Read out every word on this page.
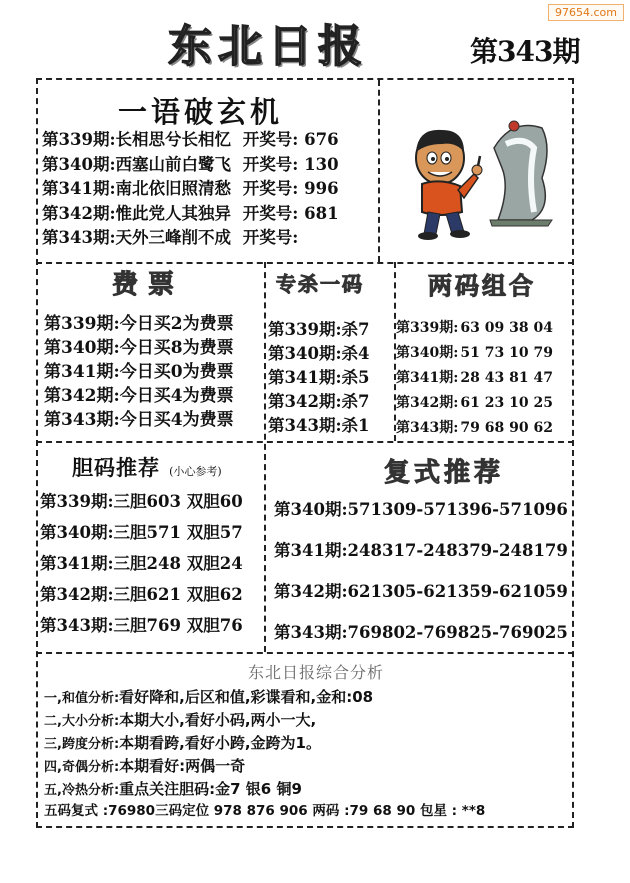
97654.com
东北日报	第343期
一语破玄机
第339期:长相思兮长相忆 开奖号: 676
第340期:西塞山前白鹭飞 开奖号: 130
第341期:南北依旧照清愁 开奖号: 996
第342期:惟此党人其独异 开奖号: 681
第343期:天外三峰削不成 开奖号:
费票
第339期:今日买2为费票
第340期:今日买8为费票
第341期:今日买0为费票
第342期:今日买4为费票
第343期:今日买4为费票
专杀一码
第339期:杀7
第340期:杀4
第341期:杀5
第342期:杀7
第343期:杀1
两码组合
第339期: 63 09 38 04
第340期: 51 73 10 79
第341期: 28 43 81 47
第342期: 61 23 10 25
第343期: 79 68 90 62
胆码推荐 (小心参考)
第339期:三胆603 双胆60
第340期:三胆571 双胆57
第341期:三胆248 双胆24
第342期:三胆621 双胆62
第343期:三胆769 双胆76
复式推荐
第340期:571309-571396-571096
第341期:248317-248379-248179
第342期:621305-621359-621059
第343期:769802-769825-769025
东北日报综合分析
一,和值分析:看好降和,后区和值,彩谍看和,金和:08
二,大小分析:本期大小,看好小码,两小一大,
三,跨度分析:本期看跨,看好小跨,金跨为1。
四,奇偶分析:本期看好:两偶一奇
五,冷热分析:重点关注胆码:金7 银6 铜9
五码复式 :76980三码定位 978 876 906 两码 :79 68 90 包星 : **8
